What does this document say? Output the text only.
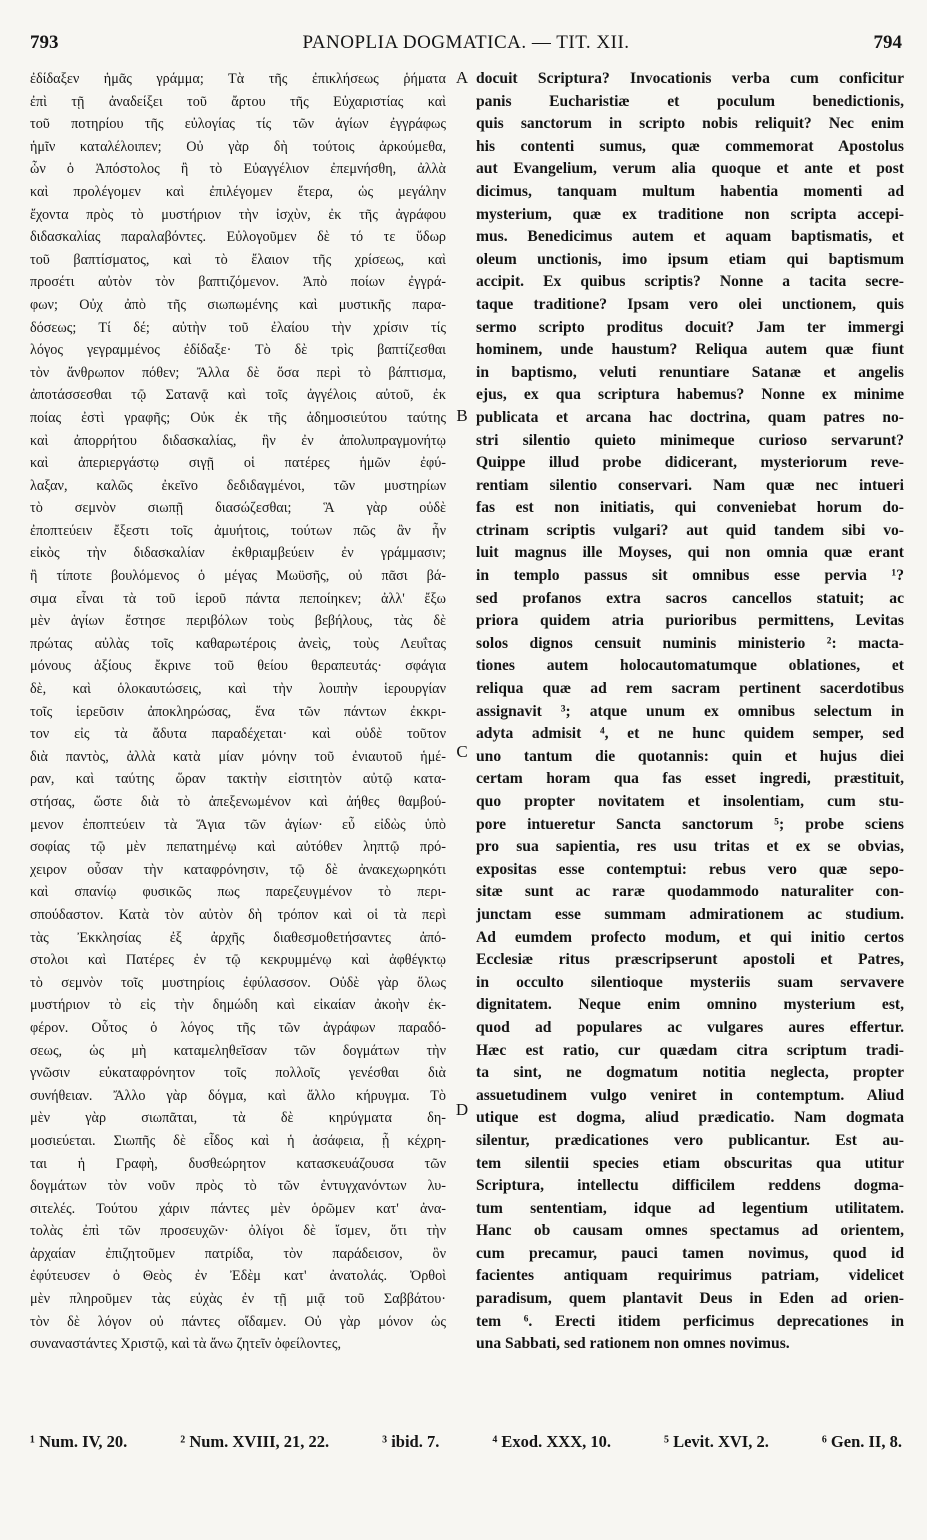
793	PANOPLIA DOGMATICA. — TIT. XII.	794
ἐδίδαξεν ἡμᾶς γράμμα; Τὰ τῆς ἐπικλήσεως ῥήματα
ἐπὶ τῇ ἀναδείξει τοῦ ἄρτου τῆς Εὐχαριστίας καὶ
τοῦ ποτηρίου τῆς εὐλογίας τίς τῶν ἁγίων ἐγγράφως
ἡμῖν καταλέλοιπεν; Οὐ γὰρ δὴ τούτοις ἀρκούμεθα,
ὧν ὁ Ἀπόστολος ἢ τὸ Εὐαγγέλιον ἐπεμνήσθη, ἀλλὰ
καὶ προλέγομεν καὶ ἐπιλέγομεν ἕτερα, ὡς μεγάλην
ἔχοντα πρὸς τὸ μυστήριον τὴν ἰσχὺν, ἐκ τῆς ἀγράφου
διδασκαλίας παραλαβόντες. Εὐλογοῦμεν δὲ τό τε ὕδωρ
τοῦ βαπτίσματος, καὶ τὸ ἔλαιον τῆς χρίσεως, καὶ
προσέτι αὐτὸν τὸν βαπτιζόμενον. Ἀπὸ ποίων ἐγγρά-
φων; Οὐχ ἀπὸ τῆς σιωπωμένης καὶ μυστικῆς παρα-
δόσεως; Τί δέ; αὐτὴν τοῦ ἐλαίου τὴν χρίσιν τίς
λόγος γεγραμμένος ἐδίδαξε· Τὸ δὲ τρὶς βαπτίζεσθαι
τὸν ἄνθρωπον πόθεν; Ἄλλα δὲ ὅσα περὶ τὸ βάπτισμα,
ἀποτάσσεσθαι τῷ Σατανᾷ καὶ τοῖς ἀγγέλοις αὐτοῦ, ἐκ
ποίας ἐστὶ γραφῆς; Οὐκ ἐκ τῆς ἀδημοσιεύτου ταύτης
καὶ ἀπορρήτου διδασκαλίας, ἣν ἐν ἀπολυπραγμονήτῳ
καὶ ἀπεριεργάστῳ σιγῇ οἱ πατέρες ἡμῶν ἐφύ-
λαξαν, καλῶς ἐκεῖνο δεδιδαγμένοι, τῶν μυστηρίων
τὸ σεμνὸν σιωπῇ διασώζεσθαι; Ἃ γὰρ οὐδὲ
ἐποπτεύειν ἔξεστι τοῖς ἀμυήτοις, τούτων πῶς ἂν ἦν
εἰκὸς τὴν διδασκαλίαν ἐκθριαμβεύειν ἐν γράμμασιν;
ἢ τίποτε βουλόμενος ὁ μέγας Μωϋσῆς, οὐ πᾶσι βά-
σιμα εἶναι τὰ τοῦ ἱεροῦ πάντα πεποίηκεν; ἀλλ' ἔξω
μὲν ἁγίων ἔστησε περιβόλων τοὺς βεβήλους, τὰς δὲ
πρώτας αὐλὰς τοῖς καθαρωτέροις ἀνεὶς, τοὺς Λευΐτας
μόνους ἀξίους ἔκρινε τοῦ θείου θεραπευτάς· σφάγια
δὲ, καὶ ὁλοκαυτώσεις, καὶ τὴν λοιπὴν ἱερουργίαν
τοῖς ἱερεῦσιν ἀποκληρώσας, ἕνα τῶν πάντων ἐκκρι-
τον εἰς τὰ ἄδυτα παραδέχεται· καὶ οὐδὲ τοῦτον
διὰ παντὸς, ἀλλὰ κατὰ μίαν μόνην τοῦ ἐνιαυτοῦ ἡμέ-
ραν, καὶ ταύτης ὥραν τακτὴν εἰσιτητὸν αὐτῷ κατα-
στήσας, ὥστε διὰ τὸ ἀπεξενωμένον καὶ ἀήθες θαμβού-
μενον ἐποπτεύειν τὰ Ἅγια τῶν ἁγίων· εὖ εἰδὼς ὑπὸ
σοφίας τῷ μὲν πεπατημένῳ καὶ αὐτόθεν ληπτῷ πρό-
χειρον οὖσαν τὴν καταφρόνησιν, τῷ δὲ ἀνακεχωρηκότι
καὶ σπανίῳ φυσικῶς πως παρεζευγμένον τὸ περι-
σπούδαστον. Κατὰ τὸν αὐτὸν δὴ τρόπον καὶ οἱ τὰ περὶ
τὰς Ἐκκλησίας ἐξ ἀρχῆς διαθεσμοθετήσαντες ἀπό-
στολοι καὶ Πατέρες ἐν τῷ κεκρυμμένῳ καὶ ἀφθέγκτῳ
τὸ σεμνὸν τοῖς μυστηρίοις ἐφύλασσον. Οὐδὲ γὰρ ὅλως
μυστήριον τὸ εἰς τὴν δημώδη καὶ εἰκαίαν ἀκοὴν ἐκ-
φέρον. Οὗτος ὁ λόγος τῆς τῶν ἀγράφων παραδό-
σεως, ὡς μὴ καταμεληθεῖσαν τῶν δογμάτων τὴν
γνῶσιν εὐκαταφρόνητον τοῖς πολλοῖς γενέσθαι διὰ
συνήθειαν. Ἄλλο γὰρ δόγμα, καὶ ἄλλο κήρυγμα. Τὸ
μὲν γὰρ σιωπᾶται, τὰ δὲ κηρύγματα δη-
μοσιεύεται. Σιωπῆς δὲ εἶδος καὶ ἡ ἀσάφεια, ᾗ κέχρη-
ται ἡ Γραφὴ, δυσθεώρητον κατασκευάζουσα τῶν
δογμάτων τὸν νοῦν πρὸς τὸ τῶν ἐντυγχανόντων λυ-
σιτελές. Τούτου χάριν πάντες μὲν ὁρῶμεν κατ' ἀνα-
τολὰς ἐπὶ τῶν προσευχῶν· ὀλίγοι δὲ ἴσμεν, ὅτι τὴν
ἀρχαίαν ἐπιζητοῦμεν πατρίδα, τὸν παράδεισον, ὃν
ἐφύτευσεν ὁ Θεὸς ἐν Ἐδὲμ κατ' ἀνατολάς. Ὀρθοὶ
μὲν πληροῦμεν τὰς εὐχὰς ἐν τῇ μιᾷ τοῦ Σαββάτου·
τὸν δὲ λόγον οὐ πάντες οἴδαμεν. Οὐ γὰρ μόνον ὡς
συναναστάντες Χριστῷ, καὶ τὰ ἄνω ζητεῖν ὀφείλοντες,
docuit Scriptura? Invocationis verba cum conficitur
panis Eucharistiæ et poculum benedictionis,
quis sanctorum in scripto nobis reliquit? Nec enim
his contenti sumus, quæ commemorat Apostolus
aut Evangelium, verum alia quoque et ante et post
dicimus, tanquam multum habentia momenti ad
mysterium, quæ ex traditione non scripta accepi-
mus. Benedicimus autem et aquam baptismatis, et
oleum unctionis, imo ipsum etiam qui baptismum
accipit. Ex quibus scriptis? Nonne a tacita secre-
taque traditione? Ipsam vero olei unctionem, quis
sermo scripto proditus docuit? Jam ter immergi
hominem, unde haustum? Reliqua autem quæ fiunt
in baptismo, veluti renuntiare Satanæ et angelis
ejus, ex qua scriptura habemus? Nonne ex minime
publicata et arcana hac doctrina, quam patres no-
stri silentio quieto minimeque curioso servarunt?
Quippe illud probe didicerant, mysteriorum reve-
rentiam silentio conservari. Nam quæ nec intueri
fas est non initiatis, qui conveniebat horum do-
ctrinam scriptis vulgari? aut quid tandem sibi vo-
luit magnus ille Moyses, qui non omnia quæ erant
in templo passus sit omnibus esse pervia ¹?
sed profanos extra sacros cancellos statuit; ac
priora quidem atria purioribus permittens, Levitas
solos dignos censuit numinis ministerio ²: macta-
tiones autem holocautomatumque oblationes, et
reliqua quæ ad rem sacram pertinent sacerdotibus
assignavit ³; atque unum ex omnibus selectum in
adyta admisit ⁴, et ne hunc quidem semper, sed
uno tantum die quotannis: quin et hujus diei
certam horam qua fas esset ingredi, præstituit,
quo propter novitatem et insolentiam, cum stu-
pore intueretur Sancta sanctorum ⁵; probe sciens
pro sua sapientia, res usu tritas et ex se obvias,
expositas esse contemptui: rebus vero quæ sepo-
sitæ sunt ac raræ quodammodo naturaliter con-
junctam esse summam admirationem ac studium.
Ad eumdem profecto modum, et qui initio certos
Ecclesiæ ritus præscripserunt apostoli et Patres,
in occulto silentioque mysteriis suam servavere
dignitatem. Neque enim omnino mysterium est,
quod ad populares ac vulgares aures effertur.
Hæc est ratio, cur quædam citra scriptum tradi-
ta sint, ne dogmatum notitia neglecta, propter
assuetudinem vulgo veniret in contemptum. Aliud
utique est dogma, aliud prædicatio. Nam dogmata
silentur, prædicationes vero publicantur. Est au-
tem silentii species etiam obscuritas qua utitur
Scriptura, intellectu difficilem reddens dogma-
tum sententiam, idque ad legentium utilitatem.
Hanc ob causam omnes spectamus ad orientem,
cum precamur, pauci tamen novimus, quod id
facientes antiquam requirimus patriam, videlicet
paradisum, quem plantavit Deus in Eden ad orien-
tem ⁶. Erecti itidem perficimus deprecationes in
una Sabbati, sed rationem non omnes novimus.
A
B
C
D
¹ Num. IV, 20.	² Num. XVIII, 21, 22.	³ ibid. 7.	⁴ Exod. XXX, 10.	⁵ Levit. XVI, 2.	⁶ Gen. II, 8.
